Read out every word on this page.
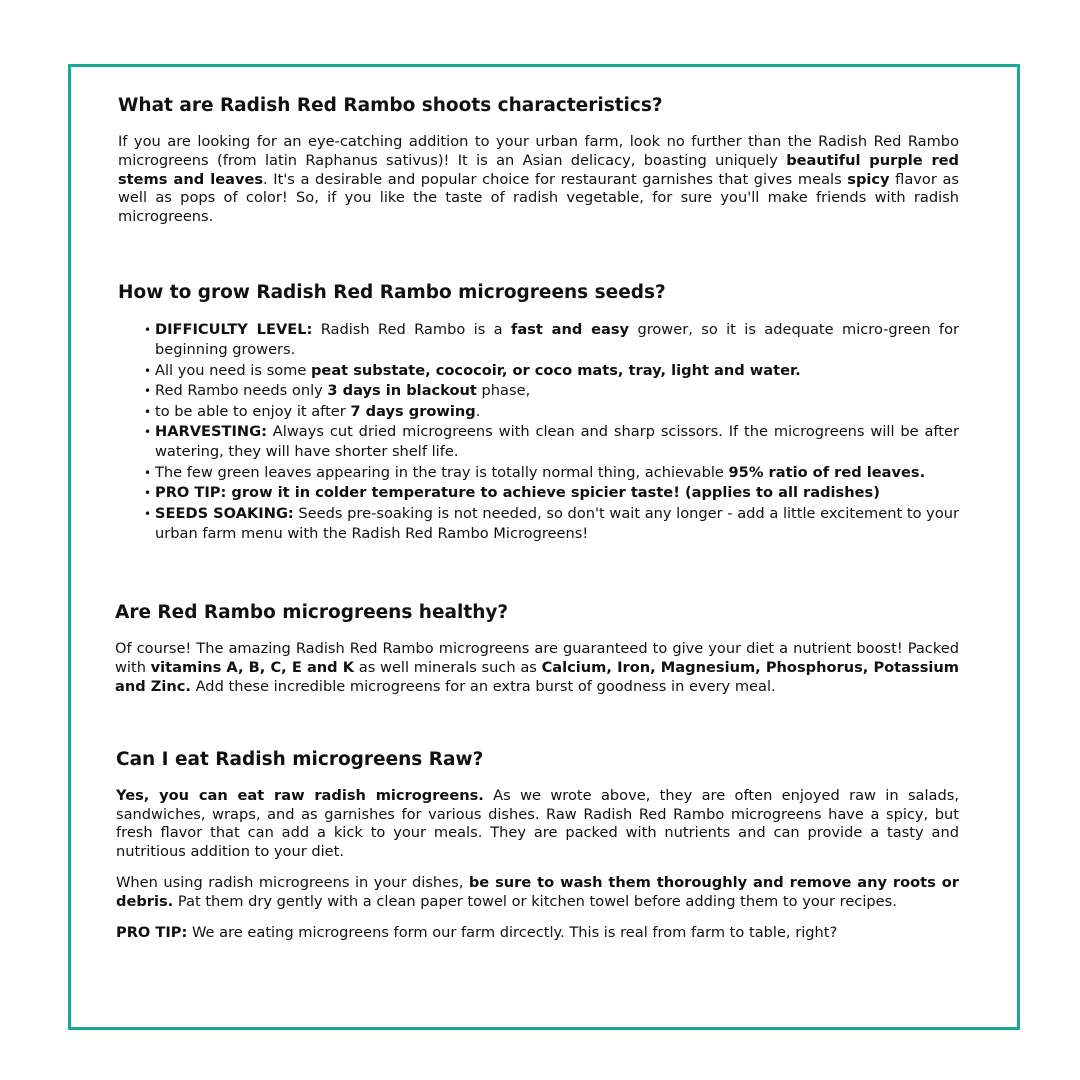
What are Radish Red Rambo shoots characteristics?

If you are looking for an eye-catching addition to your urban farm, look no further than the Radish Red Rambo microgreens (from latin Raphanus sativus)! It is an Asian delicacy, boasting uniquely beautiful purple red stems and leaves. It's a desirable and popular choice for restaurant garnishes that gives meals spicy flavor as well as pops of color! So, if you like the taste of radish vegetable, for sure you'll make friends with radish microgreens.

How to grow Radish Red Rambo microgreens seeds?
• DIFFICULTY LEVEL: Radish Red Rambo is a fast and easy grower, so it is adequate micro-green for beginning growers.
• All you need is some peat substate, cococoir, or coco mats, tray, light and water.
• Red Rambo needs only 3 days in blackout phase,
• to be able to enjoy it after 7 days growing.
• HARVESTING: Always cut dried microgreens with clean and sharp scissors. If the microgreens will be after watering, they will have shorter shelf life.
• The few green leaves appearing in the tray is totally normal thing, achievable 95% ratio of red leaves.
• PRO TIP: grow it in colder temperature to achieve spicier taste! (applies to all radishes)
• SEEDS SOAKING: Seeds pre-soaking is not needed, so don't wait any longer - add a little excitement to your urban farm menu with the Radish Red Rambo Microgreens!
Are Red Rambo microgreens healthy?

Of course! The amazing Radish Red Rambo microgreens are guaranteed to give your diet a nutrient boost! Packed with vitamins A, B, C, E and K as well minerals such as Calcium, Iron, Magnesium, Phosphorus, Potassium and Zinc. Add these incredible microgreens for an extra burst of goodness in every meal.

Can I eat Radish microgreens Raw?

Yes, you can eat raw radish microgreens. As we wrote above, they are often enjoyed raw in salads, sandwiches, wraps, and as garnishes for various dishes. Raw Radish Red Rambo microgreens have a spicy, but fresh flavor that can add a kick to your meals. They are packed with nutrients and can provide a tasty and nutritious addition to your diet.

When using radish microgreens in your dishes, be sure to wash them thoroughly and remove any roots or debris. Pat them dry gently with a clean paper towel or kitchen towel before adding them to your recipes.

PRO TIP: We are eating microgreens form our farm dircectly. This is real from farm to table, right?
